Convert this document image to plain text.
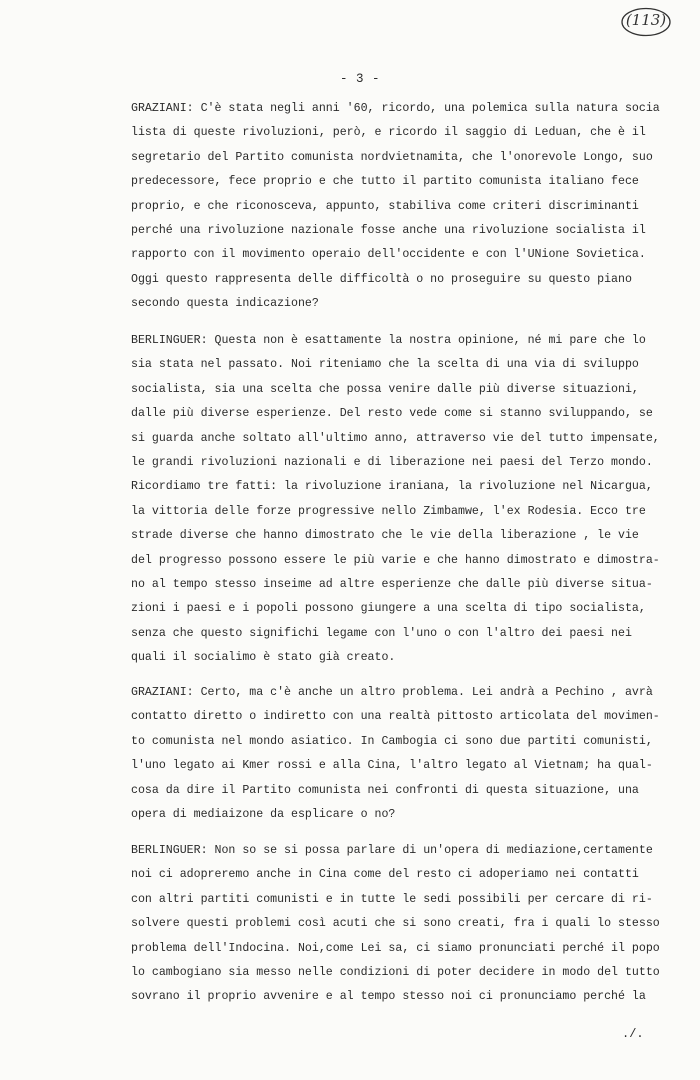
(113)
- 3 -

GRAZIANI: C'è stata negli anni '60, ricordo, una polemica sulla natura socia
lista di queste rivoluzioni, però, e ricordo il saggio di Leduan, che è il
segretario del Partito comunista nordvietnamita, che l'onorevole Longo, suo
predecessore, fece proprio e che tutto il partito comunista italiano fece
proprio, e che riconosceva, appunto, stabiliva come criteri discriminanti
perché una rivoluzione nazionale fosse anche una rivoluzione socialista il
rapporto con il movimento operaio dell'occidente e con l'UNione Sovietica.
Oggi questo rappresenta delle difficoltà o no proseguire su questo piano
secondo questa indicazione?

BERLINGUER: Questa non è esattamente la nostra opinione, né mi pare che lo
sia stata nel passato. Noi riteniamo che la scelta di una via di sviluppo
socialista, sia una scelta che possa venire dalle più diverse situazioni,
dalle più diverse esperienze. Del resto vede come si stanno sviluppando, se
si guarda anche soltato all'ultimo anno, attraverso vie del tutto impensate,
le grandi rivoluzioni nazionali e di liberazione nei paesi del Terzo mondo.
Ricordiamo tre fatti: la rivoluzione iraniana, la rivoluzione nel Nicargua,
la vittoria delle forze progressive nello Zimbamwe, l'ex Rodesia. Ecco tre
strade diverse che hanno dimostrato che le vie della liberazione , le vie
del progresso possono essere le più varie e che hanno dimostrato e dimostra-
no al tempo stesso inseime ad altre esperienze che dalle più diverse situa-
zioni i paesi e i popoli possono giungere a una scelta di tipo socialista,
senza che questo significhi legame con l'uno o con l'altro dei paesi nei
quali il socialimo è stato già creato.

GRAZIANI: Certo, ma c'è anche un altro problema. Lei andrà a Pechino , avrà
contatto diretto o indiretto con una realtà pittosto articolata del movimen-
to comunista nel mondo asiatico. In Cambogia ci sono due partiti comunisti,
l'uno legato ai Kmer rossi e alla Cina, l'altro legato al Vietnam; ha qual-
cosa da dire il Partito comunista nei confronti di questa situazione, una
opera di mediaizone da esplicare o no?

BERLINGUER: Non so se si possa parlare di un'opera di mediazione,certamente
noi ci adopreremo anche in Cina come del resto ci adoperiamo nei contatti
con altri partiti comunisti e in tutte le sedi possibili per cercare di ri-
solvere questi problemi così acuti che si sono creati, fra i quali lo stesso
problema dell'Indocina. Noi,come Lei sa, ci siamo pronunciati perché il popo
lo cambogiano sia messo nelle condizioni di poter decidere in modo del tutto
sovrano il proprio avvenire e al tempo stesso noi ci pronunciamo perché la

./.
